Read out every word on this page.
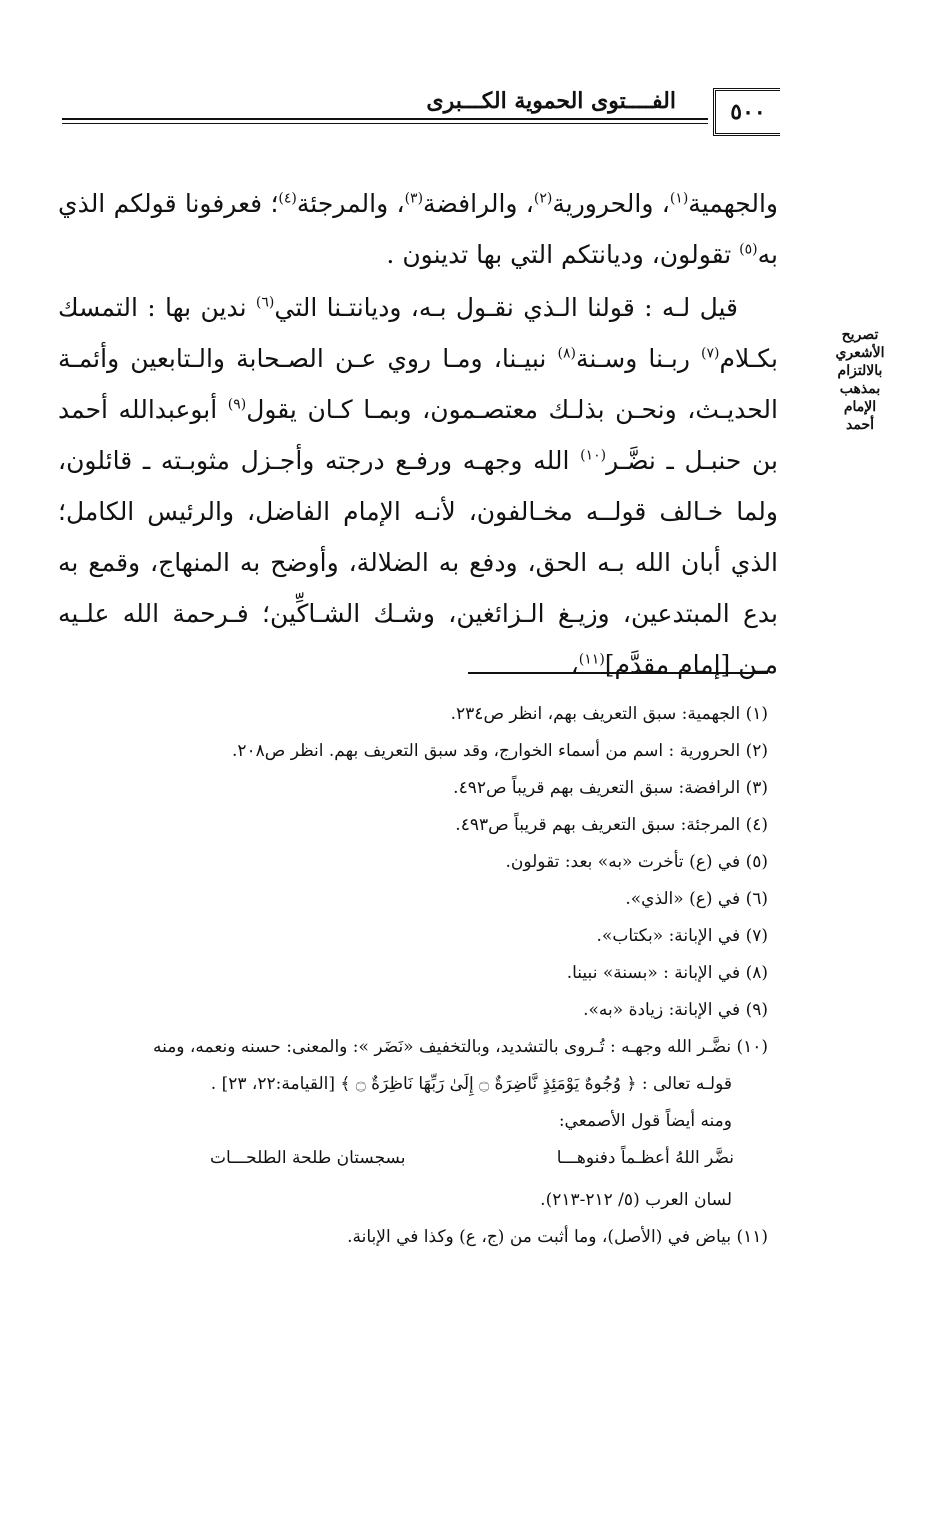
٥٠٠
الفــــتوى الحموية الكـــبرى

والجهمية$^{(١)}$، والحرورية$^{(٢)}$، والرافضة$^{(٣)}$، والمرجئة$^{(٤)}$؛ فعرفونا قولكم الذي به$^{(٥)}$ تقولون، وديانتكم التي بها تدينون .

قيل لـه : قولنا الـذي نقـول بـه، وديانتـنا التي$^{(٦)}$ ندين بها : التمسك بكـلام$^{(٧)}$ ربـنا وسـنة$^{(٨)}$ نبيـنا، ومـا روي عـن الصـحابة والـتابعين وأئمـة الحديـث، ونحـن بذلـك معتصـمون، وبمـا كـان يقول$^{(٩)}$ أبوعبدالله أحمد بن حنبـل ـ نضَّـر$^{(١٠)}$ الله وجهـه ورفـع درجته وأجـزل مثوبـته ـ قائلون، ولما خـالف قولــه مخـالفون، لأنـه الإمام الفاضل، والرئيس الكامل؛ الذي أبان الله بـه الحق، ودفع به الضلالة، وأوضح به المنهاج، وقمع به بدع المبتدعين، وزيـغ الـزائغين، وشـك الشـاكِّين؛ فـرحمة الله علـيه مـن [إمام مقدَّم]$^{(١١)}$،

تصريح
الأشعري
بالالتزام
بمذهب
الإمام
أحمد

(١) الجهمية: سبق التعريف بهم، انظر ص٢٣٤.

(٢) الحرورية : اسم من أسماء الخوارج، وقد سبق التعريف بهم. انظر ص٢٠٨.

(٣) الرافضة: سبق التعريف بهم قريباً ص٤٩٢.

(٤) المرجئة: سبق التعريف بهم قريباً ص٤٩٣.

(٥) في (ع) تأخرت «به» بعد: تقولون.

(٦) في (ع) «الذي».

(٧) في الإبانة: «بكتاب».

(٨) في الإبانة : «بسنة» نبينا.

(٩) في الإبانة: زيادة «به».

(١٠) نضَّـر الله وجهـه : تُـروى بالتشديد، وبالتخفيف «نَضَر »: والمعنى: حسنه ونعمه، ومنه

قولـه تعالى : ﴿ وُجُوهٌ يَوْمَئِذٍ نَّاضِرَةٌ ۝ إِلَىٰ رَبِّهَا نَاظِرَةٌ ۝ ﴾ [القيامة:٢٢، ٢٣] .

ومنه أيضاً قول الأصمعي:

نضَّر اللهُ أعظـماً دفنوهـــا
بسجستان طلحة الطلحـــات

لسان العرب (٥/ ٢١٢-٢١٣).

(١١) بياض في (الأصل)، وما أثبت من (ج، ع) وكذا في الإبانة.
